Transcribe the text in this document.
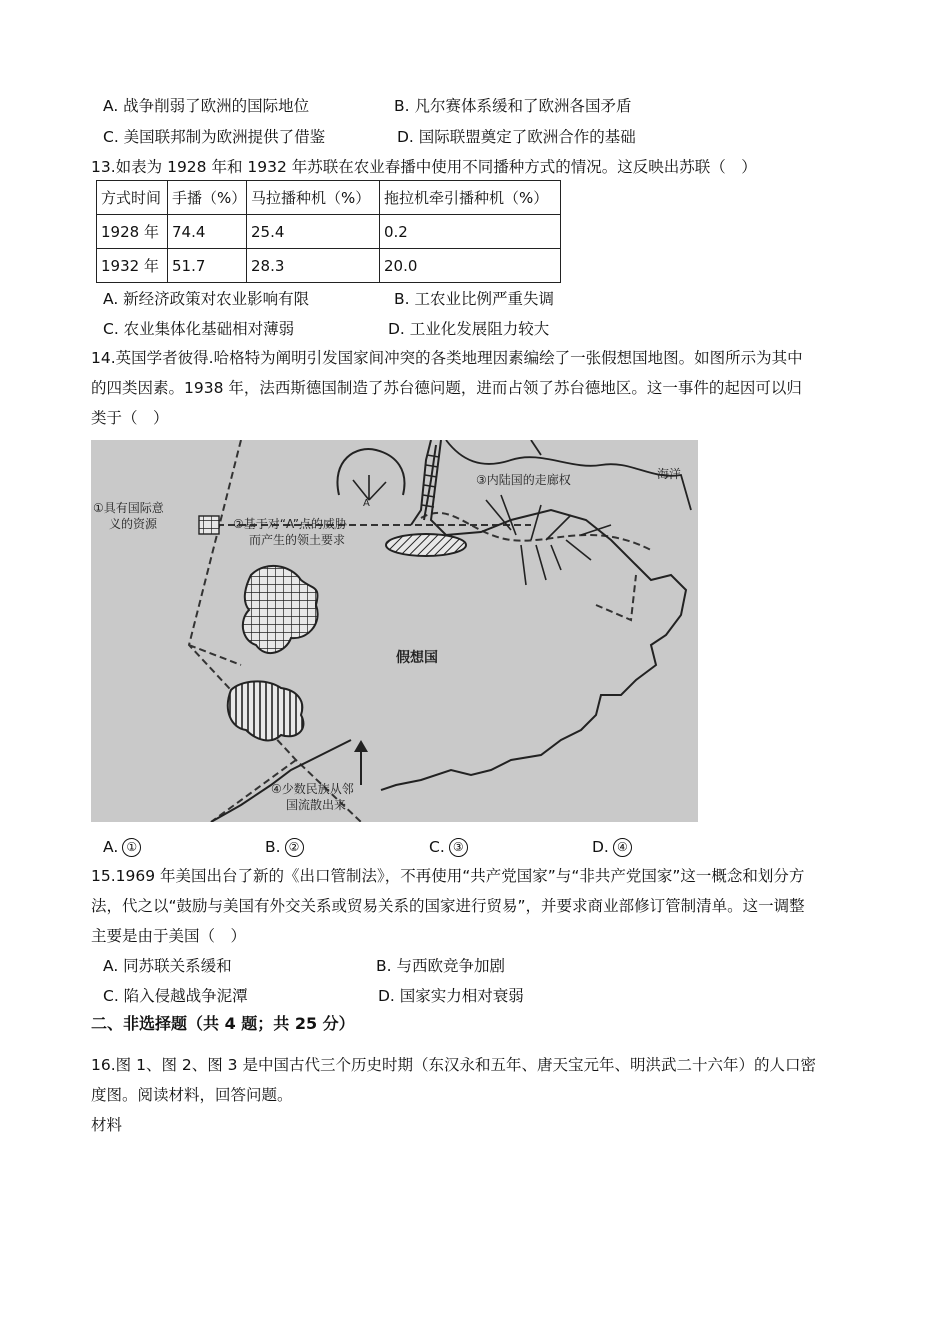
A. 战争削弱了欧洲的国际地位	B. 凡尔赛体系缓和了欧洲各国矛盾
C. 美国联邦制为欧洲提供了借鉴	D. 国际联盟奠定了欧洲合作的基础
13.如表为 1928 年和 1932 年苏联在农业春播中使用不同播种方式的情况。这反映出苏联（　）
方式时间	手播（%）	马拉播种机（%）	拖拉机牵引播种机（%）
1928 年	74.4	25.4	0.2
1932 年	51.7	28.3	20.0
A. 新经济政策对农业影响有限	B. 工农业比例严重失调
C. 农业集体化基础相对薄弱	D. 工业化发展阻力较大
14.英国学者彼得.哈格特为阐明引发国家间冲突的各类地理因素编绘了一张假想国地图。如图所示为其中
的四类因素。1938 年，法西斯德国制造了苏台德问题，进而占领了苏台德地区。这一事件的起因可以归
类于（　）
①具有国际意
义的资源	②基于对“A”点的威胁
而产生的领土要求
③内陆国的走廊权	海洋
假想国
A
④少数民族从邻
国流散出来
A. ①	B. ②	C. ③	D. ④
15.1969 年美国出台了新的《出口管制法》，不再使用“共产党国家”与“非共产党国家”这一概念和划分方
法，代之以“鼓励与美国有外交关系或贸易关系的国家进行贸易”，并要求商业部修订管制清单。这一调整
主要是由于美国（　）
A. 同苏联关系缓和	B. 与西欧竞争加剧
C. 陷入侵越战争泥潭	D. 国家实力相对衰弱
二、非选择题（共 4 题；共 25 分）
16.图 1、图 2、图 3 是中国古代三个历史时期（东汉永和五年、唐天宝元年、明洪武二十六年）的人口密
度图。阅读材料，回答问题。
材料
